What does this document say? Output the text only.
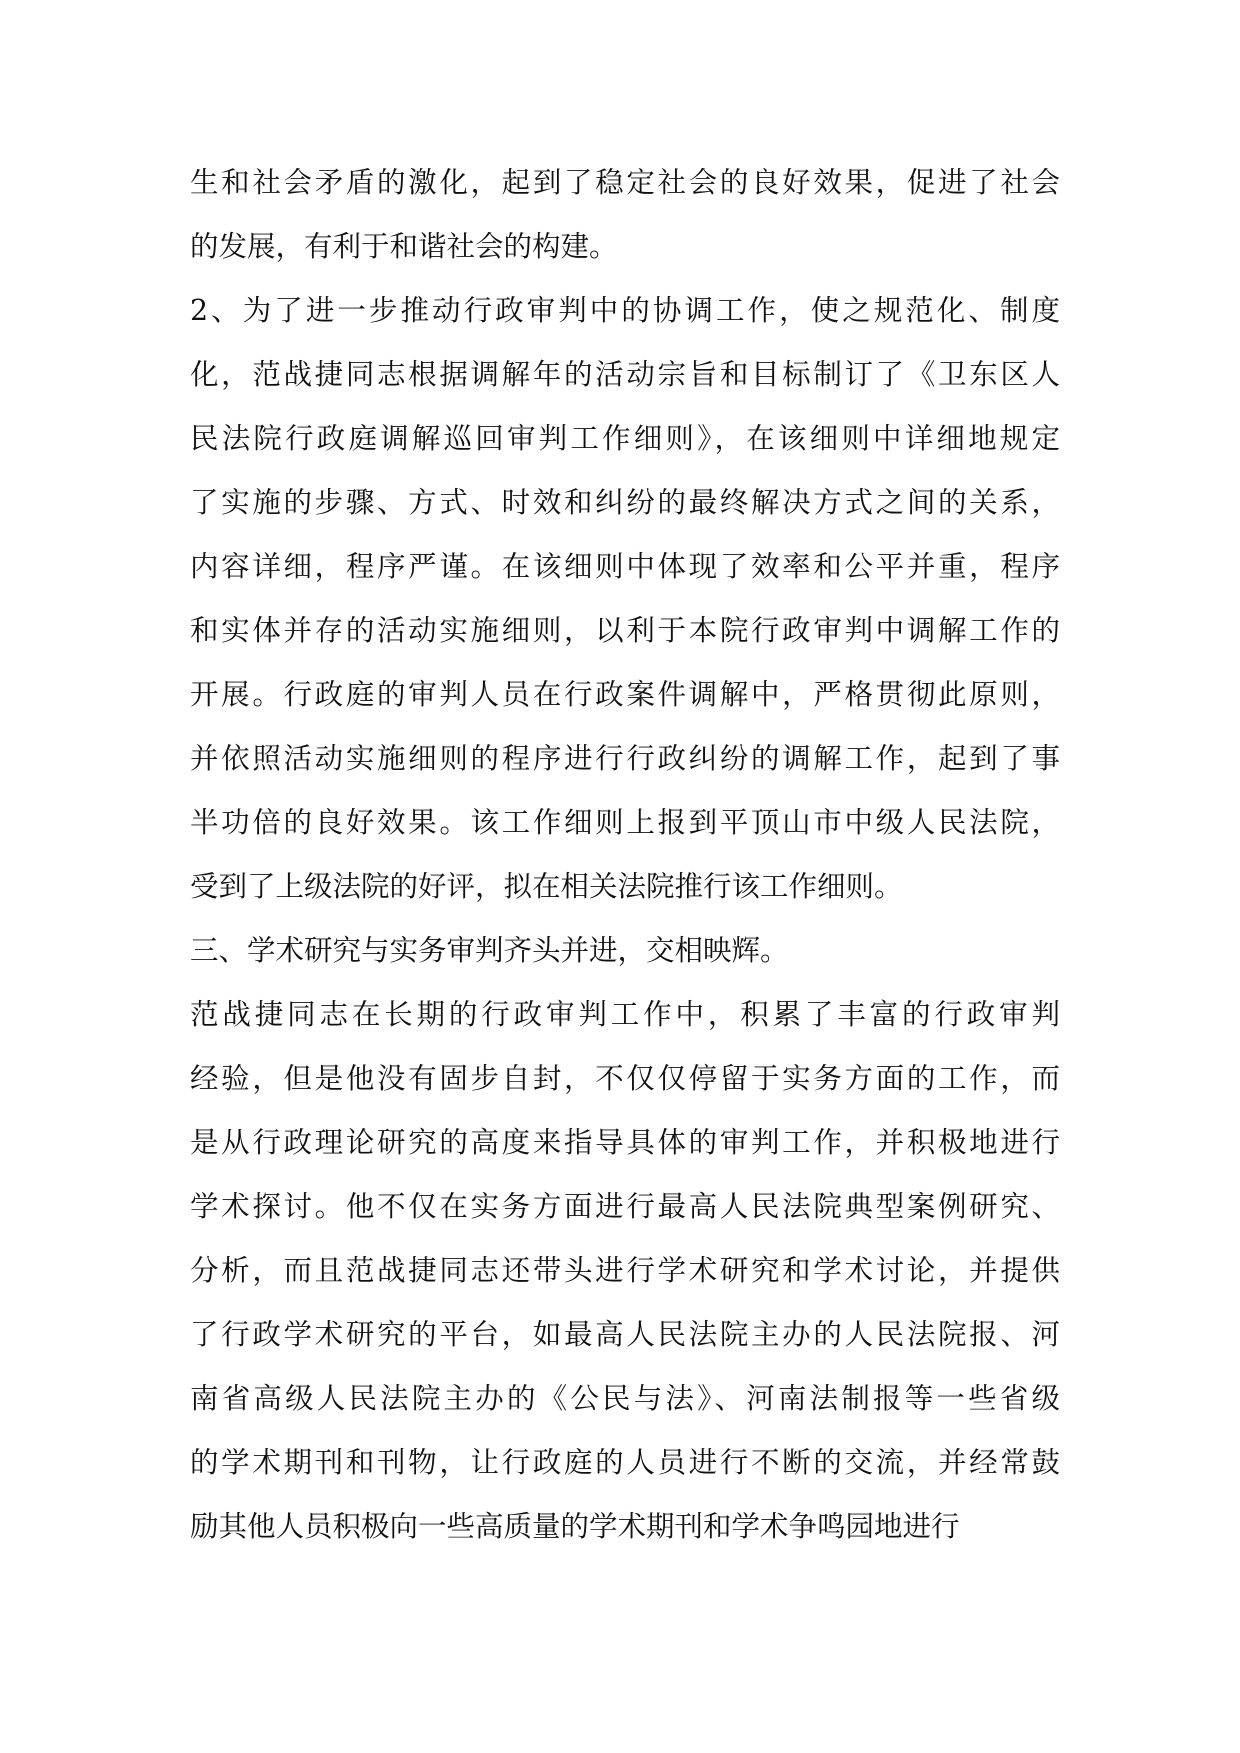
生和社会矛盾的激化，起到了稳定社会的良好效果，促进了社会
的发展，有利于和谐社会的构建。
2、为了进一步推动行政审判中的协调工作，使之规范化、制度
化，范战捷同志根据调解年的活动宗旨和目标制订了《卫东区人
民法院行政庭调解巡回审判工作细则》，在该细则中详细地规定
了实施的步骤、方式、时效和纠纷的最终解决方式之间的关系，
内容详细，程序严谨。在该细则中体现了效率和公平并重，程序
和实体并存的活动实施细则，以利于本院行政审判中调解工作的
开展。行政庭的审判人员在行政案件调解中，严格贯彻此原则，
并依照活动实施细则的程序进行行政纠纷的调解工作，起到了事
半功倍的良好效果。该工作细则上报到平顶山市中级人民法院，
受到了上级法院的好评，拟在相关法院推行该工作细则。
三、学术研究与实务审判齐头并进，交相映辉。
范战捷同志在长期的行政审判工作中，积累了丰富的行政审判
经验，但是他没有固步自封，不仅仅停留于实务方面的工作，而
是从行政理论研究的高度来指导具体的审判工作，并积极地进行
学术探讨。他不仅在实务方面进行最高人民法院典型案例研究、
分析，而且范战捷同志还带头进行学术研究和学术讨论，并提供
了行政学术研究的平台，如最高人民法院主办的人民法院报、河
南省高级人民法院主办的《公民与法》、河南法制报等一些省级
的学术期刊和刊物，让行政庭的人员进行不断的交流，并经常鼓
励其他人员积极向一些高质量的学术期刊和学术争鸣园地进行
